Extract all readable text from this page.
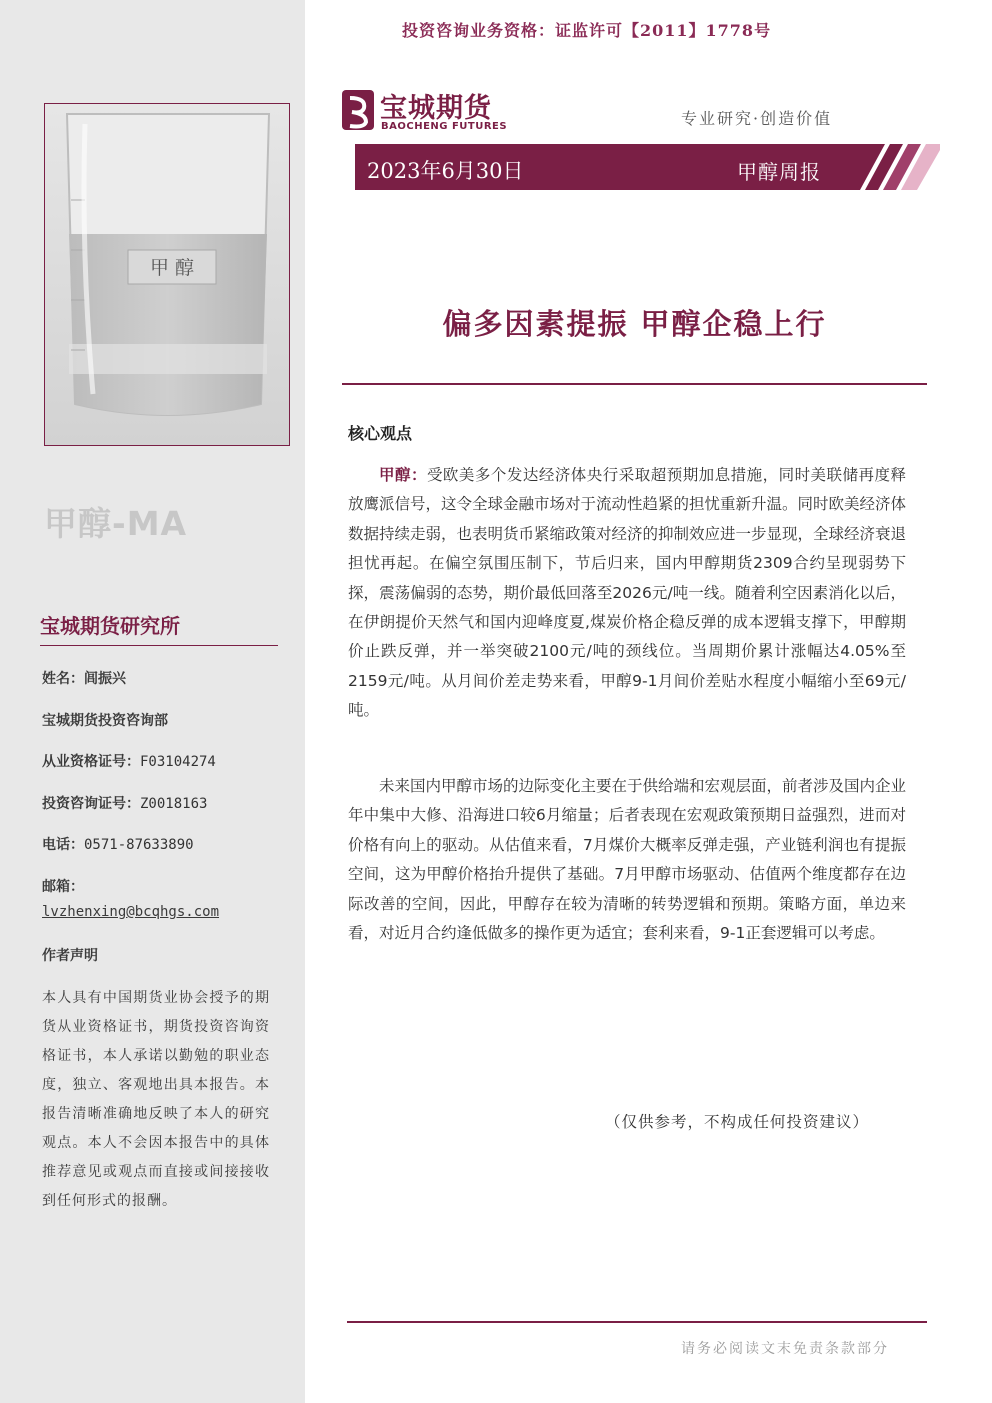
甲 醇
甲醇-MA
宝城期货研究所
姓名：闾振兴
宝城期货投资咨询部
从业资格证号：F03104274
投资咨询证号：Z0018163
电话：0571-87633890
邮箱：
lvzhenxing@bcqhgs.com
作者声明
本人具有中国期货业协会授予的期货从业资格证书，期货投资咨询资格证书，本人承诺以勤勉的职业态度，独立、客观地出具本报告。本报告清晰准确地反映了本人的研究观点。本人不会因本报告中的具体推荐意见或观点而直接或间接接收到任何形式的报酬。
投资咨询业务资格：证监许可【2011】1778号
宝城期货
BAOCHENG FUTURES	专业研究·创造价值
2023年6月30日	甲醇周报
偏多因素提振 甲醇企稳上行
核心观点
甲醇：受欧美多个发达经济体央行采取超预期加息措施，同时美联储再度释放鹰派信号，这令全球金融市场对于流动性趋紧的担忧重新升温。同时欧美经济体数据持续走弱，也表明货币紧缩政策对经济的抑制效应进一步显现，全球经济衰退担忧再起。在偏空氛围压制下，节后归来，国内甲醇期货2309合约呈现弱势下探，震荡偏弱的态势，期价最低回落至2026元/吨一线。随着利空因素消化以后，在伊朗提价天然气和国内迎峰度夏,煤炭价格企稳反弹的成本逻辑支撑下，甲醇期价止跌反弹，并一举突破2100元/吨的颈线位。当周期价累计涨幅达4.05%至2159元/吨。从月间价差走势来看，甲醇9-1月间价差贴水程度小幅缩小至69元/吨。
未来国内甲醇市场的边际变化主要在于供给端和宏观层面，前者涉及国内企业年中集中大修、沿海进口较6月缩量；后者表现在宏观政策预期日益强烈，进而对价格有向上的驱动。从估值来看，7月煤价大概率反弹走强，产业链利润也有提振空间，这为甲醇价格抬升提供了基础。7月甲醇市场驱动、估值两个维度都存在边际改善的空间，因此，甲醇存在较为清晰的转势逻辑和预期。策略方面，单边来看，对近月合约逢低做多的操作更为适宜；套利来看，9-1正套逻辑可以考虑。
（仅供参考，不构成任何投资建议）
请务必阅读文末免责条款部分
